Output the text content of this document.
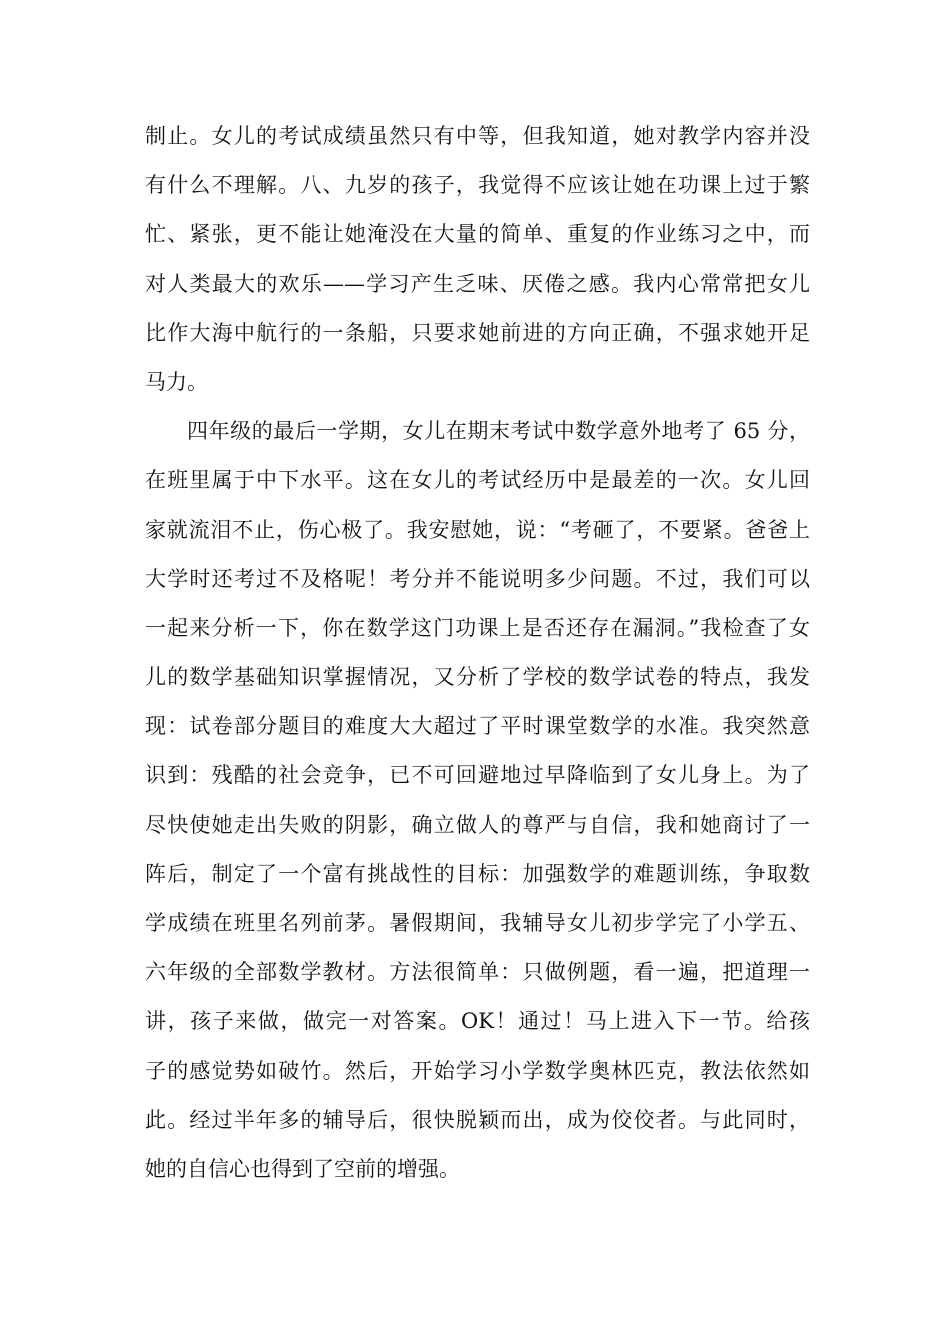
制止。女儿的考试成绩虽然只有中等，但我知道，她对教学内容并没
有什么不理解。八、九岁的孩子，我觉得不应该让她在功课上过于繁
忙、紧张，更不能让她淹没在大量的简单、重复的作业练习之中，而
对人类最大的欢乐——学习产生乏味、厌倦之感。我内心常常把女儿
比作大海中航行的一条船，只要求她前进的方向正确，不强求她开足
马力。
四年级的最后一学期，女儿在期末考试中数学意外地考了 65 分，
在班里属于中下水平。这在女儿的考试经历中是最差的一次。女儿回
家就流泪不止，伤心极了。我安慰她，说：“考砸了，不要紧。爸爸上
大学时还考过不及格呢！考分并不能说明多少问题。不过，我们可以
一起来分析一下，你在数学这门功课上是否还存在漏洞。”我检查了女
儿的数学基础知识掌握情况，又分析了学校的数学试卷的特点，我发
现：试卷部分题目的难度大大超过了平时课堂数学的水准。我突然意
识到：残酷的社会竞争，已不可回避地过早降临到了女儿身上。为了
尽快使她走出失败的阴影，确立做人的尊严与自信，我和她商讨了一
阵后，制定了一个富有挑战性的目标：加强数学的难题训练，争取数
学成绩在班里名列前茅。暑假期间，我辅导女儿初步学完了小学五、
六年级的全部数学教材。方法很简单：只做例题，看一遍，把道理一
讲，孩子来做，做完一对答案。OK！通过！马上进入下一节。给孩
子的感觉势如破竹。然后，开始学习小学数学奥林匹克，教法依然如
此。经过半年多的辅导后，很快脱颖而出，成为佼佼者。与此同时，
她的自信心也得到了空前的增强。
